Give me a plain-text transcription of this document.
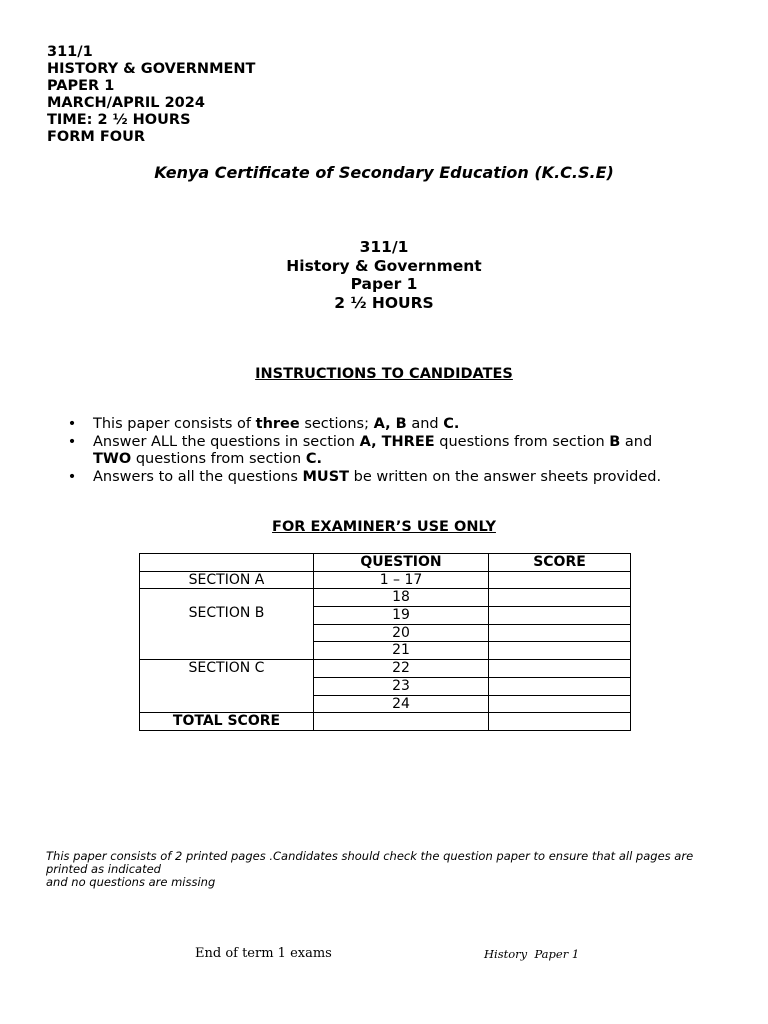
311/1
HISTORY & GOVERNMENT
PAPER 1
MARCH/APRIL 2024
TIME: 2 ½ HOURS
FORM FOUR
Kenya Certificate of Secondary Education (K.C.S.E)
311/1
History & Government
Paper 1
2 ½ HOURS
INSTRUCTIONS TO CANDIDATES
• This paper consists of three sections; A, B and C.
• Answer ALL the questions in section A, THREE questions from section B and
TWO questions from section C.
• Answers to all the questions MUST be written on the answer sheets provided.
FOR EXAMINER’S USE ONLY
	QUESTION	SCORE
SECTION A	1 – 17	
SECTION B	18	
	19	
	20	
	21	
SECTION C	22	
	23	
	24	
TOTAL SCORE		
This paper consists of 2 printed pages .Candidates should check the question paper to ensure that all pages are printed as indicated
and no questions are missing
End of term 1 exams	History  Paper 1
